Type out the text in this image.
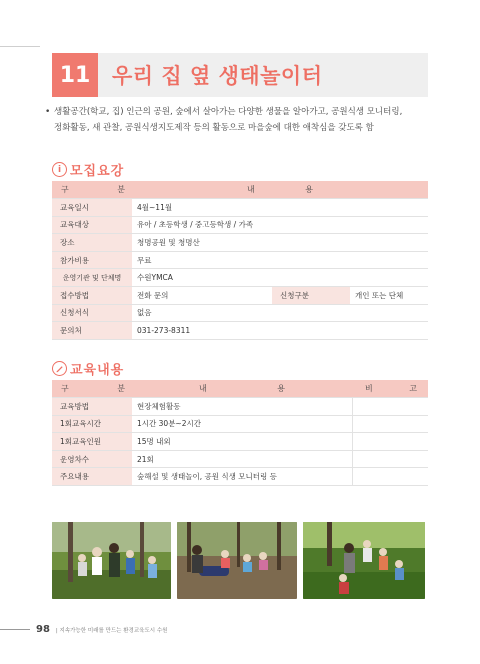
11	우리 집 옆 생태놀이터
• 생활공간(학교, 집) 인근의 공원, 숲에서 살아가는 다양한 생물을 알아가고, 공원식생 모니터링,
정화활동, 새 관찰, 공원식생지도제작 등의 활동으로 마을숲에 대한 애착심을 갖도록 함
i 모집요강
구 분	내 용		

교육일시	4월~11월		
교육대상	유아 / 초등학생 / 중고등학생 / 가족		
장소	청명공원 및 청명산		
참가비용	무료		
운영기관 및 단체명	수원YMCA		
접수방법	전화 문의	신청구분	개인 또는 단체
신청서식	없음		
문의처	031-273-8311		
교육내용
구 분	내 용	비 고

교육방법	현장체험활동	
1회교육시간	1시간 30분~2시간	
1회교육인원	15명 내외	
운영차수	21회	
주요내용	숲해설 및 생태놀이, 공원 식생 모니터링 등	
98 | 지속가능한 미래를 만드는 환경교육도시 수원
